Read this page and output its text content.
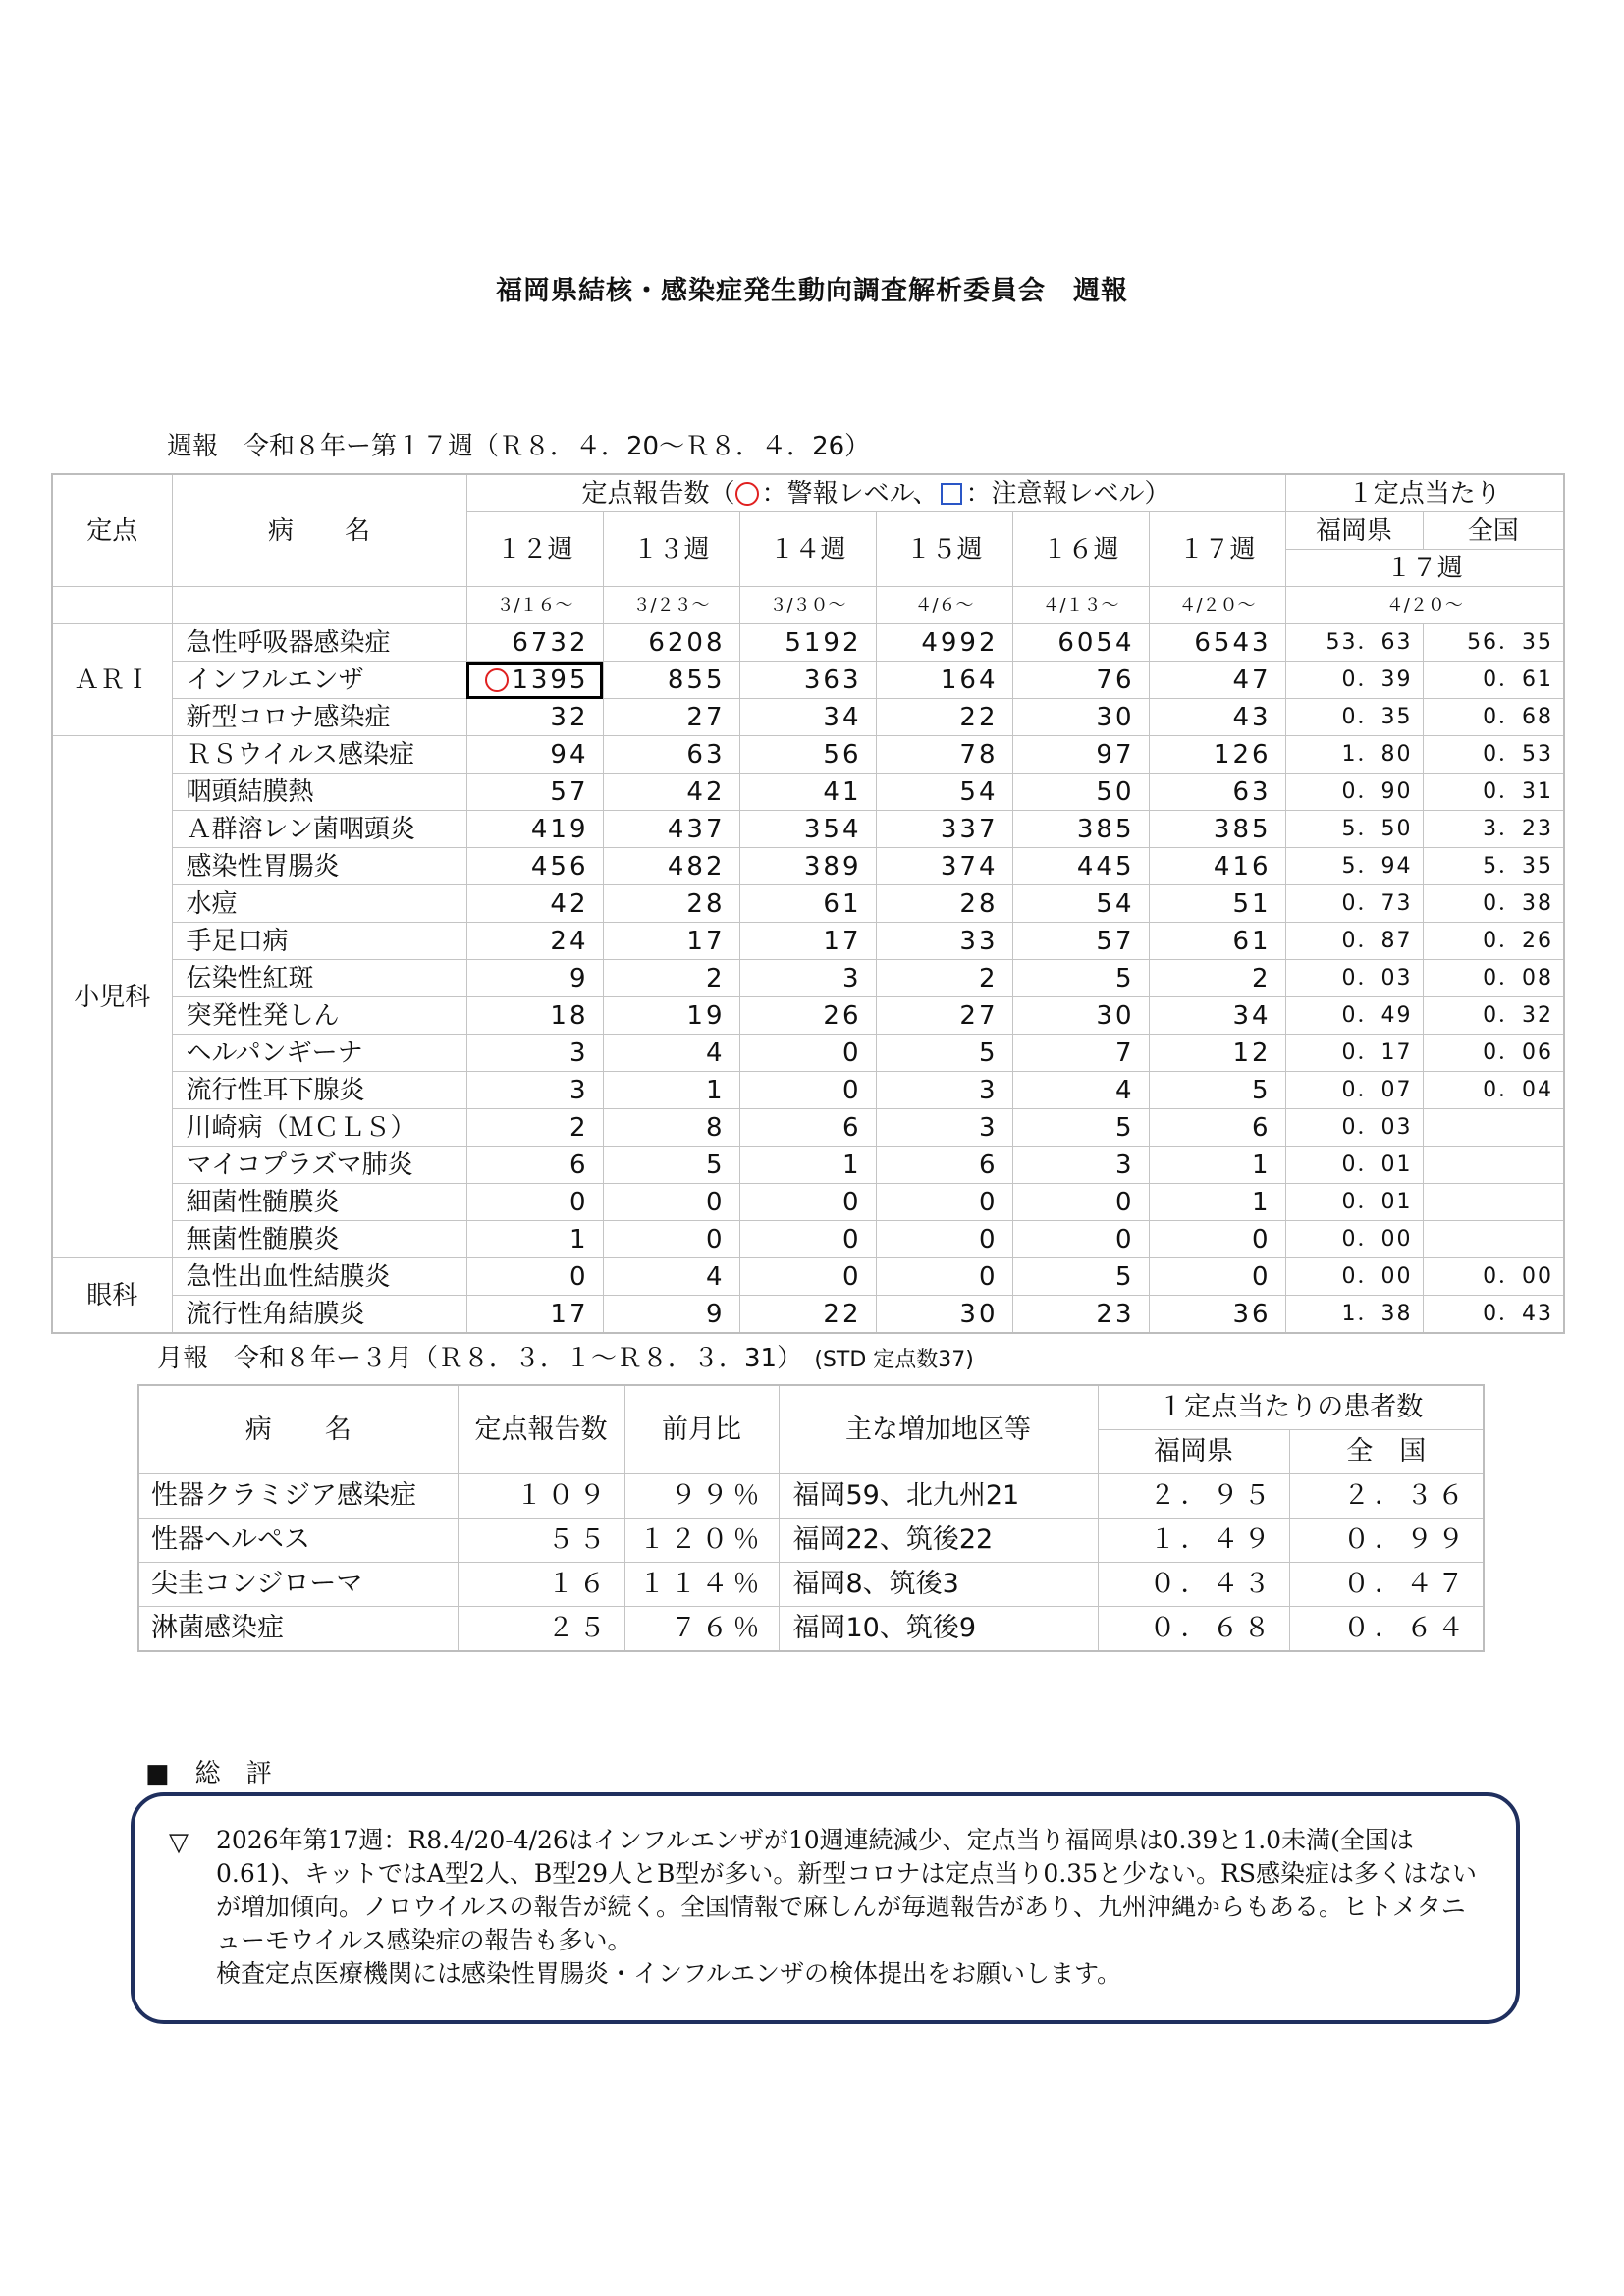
福岡県結核・感染症発生動向調査解析委員会　週報
週報　令和８年ー第１７週（Ｒ８．４．20～Ｒ８．４．26）
定点	病　　名	定点報告数（ ：警報レベル、 ：注意報レベル）						１定点当たり	
		１２週	１３週	１４週	１５週	１６週	１７週	福岡県	全国
								１７週	
		３/１６～	３/２３～	３/３０～	４/６～	４/１３～	４/２０～	４/２０～	
ＡＲＩ	急性呼吸器感染症	6732	6208	5192	4992	6054	6543	53．63	56．35
	インフルエンザ	1395	855	363	164	76	47	0．39	0．61
	新型コロナ感染症	32	27	34	22	30	43	0．35	0．68
小児科	ＲＳウイルス感染症	94	63	56	78	97	126	1．80	0．53
	咽頭結膜熱	57	42	41	54	50	63	0．90	0．31
	Ａ群溶レン菌咽頭炎	419	437	354	337	385	385	5．50	3．23
	感染性胃腸炎	456	482	389	374	445	416	5．94	5．35
	水痘	42	28	61	28	54	51	0．73	0．38
	手足口病	24	17	17	33	57	61	0．87	0．26
	伝染性紅斑	9	2	3	2	5	2	0．03	0．08
	突発性発しん	18	19	26	27	30	34	0．49	0．32
	ヘルパンギーナ	3	4	0	5	7	12	0．17	0．06
	流行性耳下腺炎	3	1	0	3	4	5	0．07	0．04
	川崎病（ＭＣＬＳ）	2	8	6	3	5	6	0．03	
	マイコプラズマ肺炎	6	5	1	6	3	1	0．01	
	細菌性髄膜炎	0	0	0	0	0	1	0．01	
	無菌性髄膜炎	1	0	0	0	0	0	0．00	
眼科	急性出血性結膜炎	0	4	0	0	5	0	0．00	0．00
	流行性角結膜炎	17	9	22	30	23	36	1．38	0．43
月報　令和８年ー３月（Ｒ８．３．１～Ｒ８．３．31） (STD 定点数37)
病　　名	定点報告数	前月比	主な増加地区等	１定点当たりの患者数	
				福岡県	全　国
性器クラミジア感染症	１０９	９９％	福岡59、北九州21	２．９５	２．３６
性器ヘルペス	５５	１２０％	福岡22、筑後22	１．４９	０．９９
尖圭コンジローマ	１６	１１４％	福岡8、筑後3	０．４３	０．４７
淋菌感染症	２５	７６％	福岡10、筑後9	０．６８	０．６４
■　総　評
▽ 2026年第17週：R8.4/20-4/26はインフルエンザが10週連続減少、定点当り福岡県は0.39と1.0未満(全国は0.61)、キットではA型2人、B型29人とB型が多い。新型コロナは定点当り0.35と少ない。RS感染症は多くはないが増加傾向。ノロウイルスの報告が続く。全国情報で麻しんが毎週報告があり、九州沖縄からもある。ヒトメタニューモウイルス感染症の報告も多い。
検査定点医療機関には感染性胃腸炎・インフルエンザの検体提出をお願いします。
